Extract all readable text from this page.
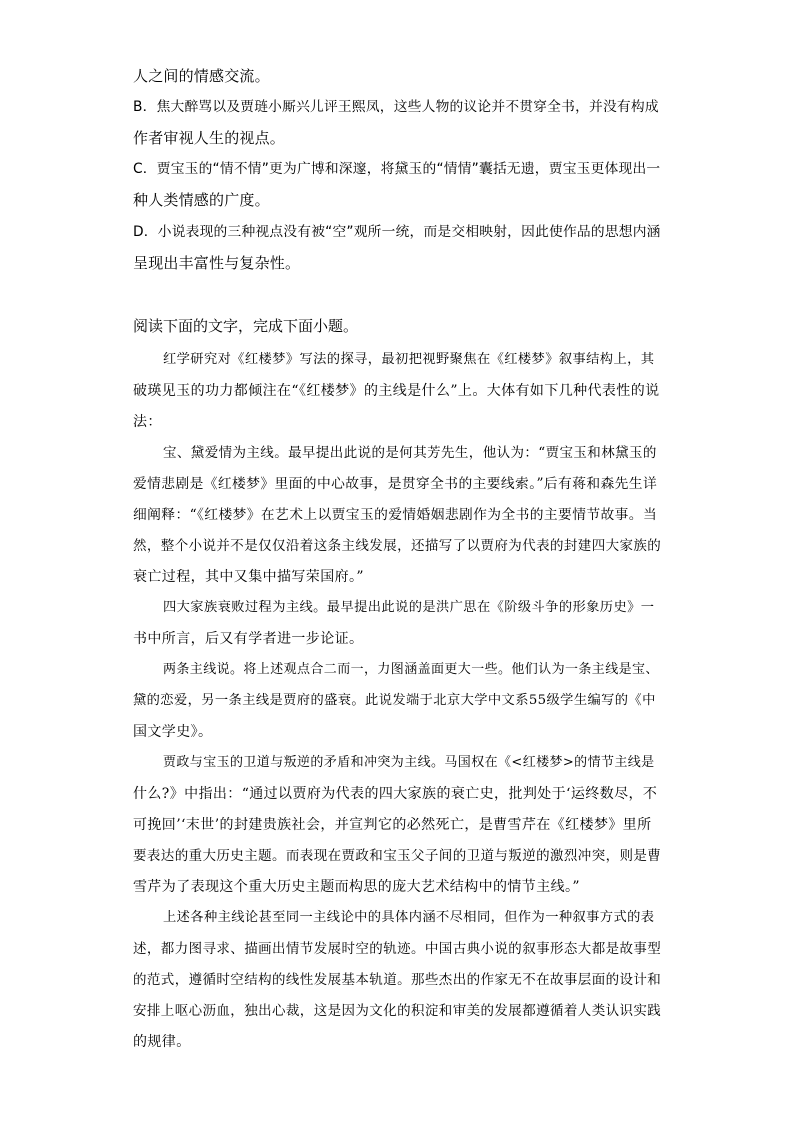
人之间的情感交流。
B．焦大醉骂以及贾琏小厮兴儿评王熙凤，这些人物的议论并不贯穿全书，并没有构成
作者审视人生的视点。
C．贾宝玉的“情不情”更为广博和深邃，将黛玉的“情情”囊括无遗，贾宝玉更体现出一
种人类情感的广度。
D．小说表现的三种视点没有被“空”观所一统，而是交相映射，因此使作品的思想内涵
呈现出丰富性与复杂性。
阅读下面的文字，完成下面小题。
红学研究对《红楼梦》写法的探寻，最初把视野聚焦在《红楼梦》叙事结构上，其
破瑛见玉的功力都倾注在“《红楼梦》的主线是什么”上。大体有如下几种代表性的说
法：
宝、黛爱情为主线。最早提出此说的是何其芳先生，他认为：“贾宝玉和林黛玉的
爱情悲剧是《红楼梦》里面的中心故事，是贯穿全书的主要线索。”后有蒋和森先生详
细阐释：“《红楼梦》在艺术上以贾宝玉的爱情婚姻悲剧作为全书的主要情节故事。当
然，整个小说并不是仅仅沿着这条主线发展，还描写了以贾府为代表的封建四大家族的
衰亡过程，其中又集中描写荣国府。”
四大家族衰败过程为主线。最早提出此说的是洪广思在《阶级斗争的形象历史》一
书中所言，后又有学者进一步论证。
两条主线说。将上述观点合二而一，力图涵盖面更大一些。他们认为一条主线是宝、
黛的恋爱，另一条主线是贾府的盛衰。此说发端于北京大学中文系55级学生编写的《中
国文学史》。
贾政与宝玉的卫道与叛逆的矛盾和冲突为主线。马国权在《<红楼梦>的情节主线是
什么?》中指出：“通过以贾府为代表的四大家族的衰亡史，批判处于‘运终数尽，不
可挽回’‘末世’的封建贵族社会，并宣判它的必然死亡，是曹雪芹在《红楼梦》里所
要表达的重大历史主题。而表现在贾政和宝玉父子间的卫道与叛逆的激烈冲突，则是曹
雪芹为了表现这个重大历史主题而构思的庞大艺术结构中的情节主线。”
上述各种主线论甚至同一主线论中的具体内涵不尽相同，但作为一种叙事方式的表
述，都力图寻求、描画出情节发展时空的轨迹。中国古典小说的叙事形态大都是故事型
的范式，遵循时空结构的线性发展基本轨道。那些杰出的作家无不在故事层面的设计和
安排上呕心沥血，独出心裁，这是因为文化的积淀和审美的发展都遵循着人类认识实践
的规律。
